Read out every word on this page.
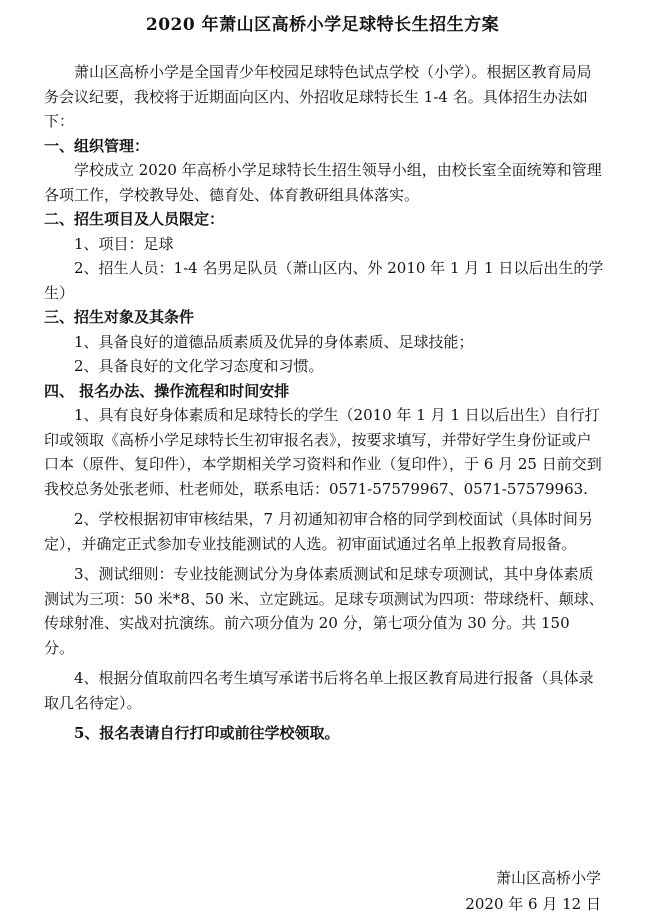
2020 年萧山区高桥小学足球特长生招生方案

萧山区高桥小学是全国青少年校园足球特色试点学校（小学）。根据区教育局局务会议纪要，我校将于近期面向区内、外招收足球特长生 1-4 名。具体招生办法如下：

一、组织管理：

学校成立 2020 年高桥小学足球特长生招生领导小组，由校长室全面统筹和管理各项工作，学校教导处、德育处、体育教研组具体落实。

二、招生项目及人员限定：

1、项目：足球

2、招生人员：1-4 名男足队员（萧山区内、外 2010 年 1 月 1 日以后出生的学生）

三、招生对象及其条件

1、具备良好的道德品质素质及优异的身体素质、足球技能；

2、具备良好的文化学习态度和习惯。

四、 报名办法、操作流程和时间安排

1、具有良好身体素质和足球特长的学生（2010 年 1 月 1 日以后出生）自行打印或领取《高桥小学足球特长生初审报名表》，按要求填写，并带好学生身份证或户口本（原件、复印件），本学期相关学习资料和作业（复印件），于 6 月 25 日前交到我校总务处张老师、杜老师处，联系电话：0571-57579967、0571-57579963.

2、学校根据初审审核结果，7 月初通知初审合格的同学到校面试（具体时间另定），并确定正式参加专业技能测试的人选。初审面试通过名单上报教育局报备。

3、测试细则：专业技能测试分为身体素质测试和足球专项测试，其中身体素质测试为三项：50 米*8、50 米、立定跳远。足球专项测试为四项：带球绕杆、颠球、传球射准、实战对抗演练。前六项分值为 20 分，第七项分值为 30 分。共 150 分。

4、根据分值取前四名考生填写承诺书后将名单上报区教育局进行报备（具体录取几名待定）。

5、报名表请自行打印或前往学校领取。

萧山区高桥小学
2020 年 6 月 12 日
